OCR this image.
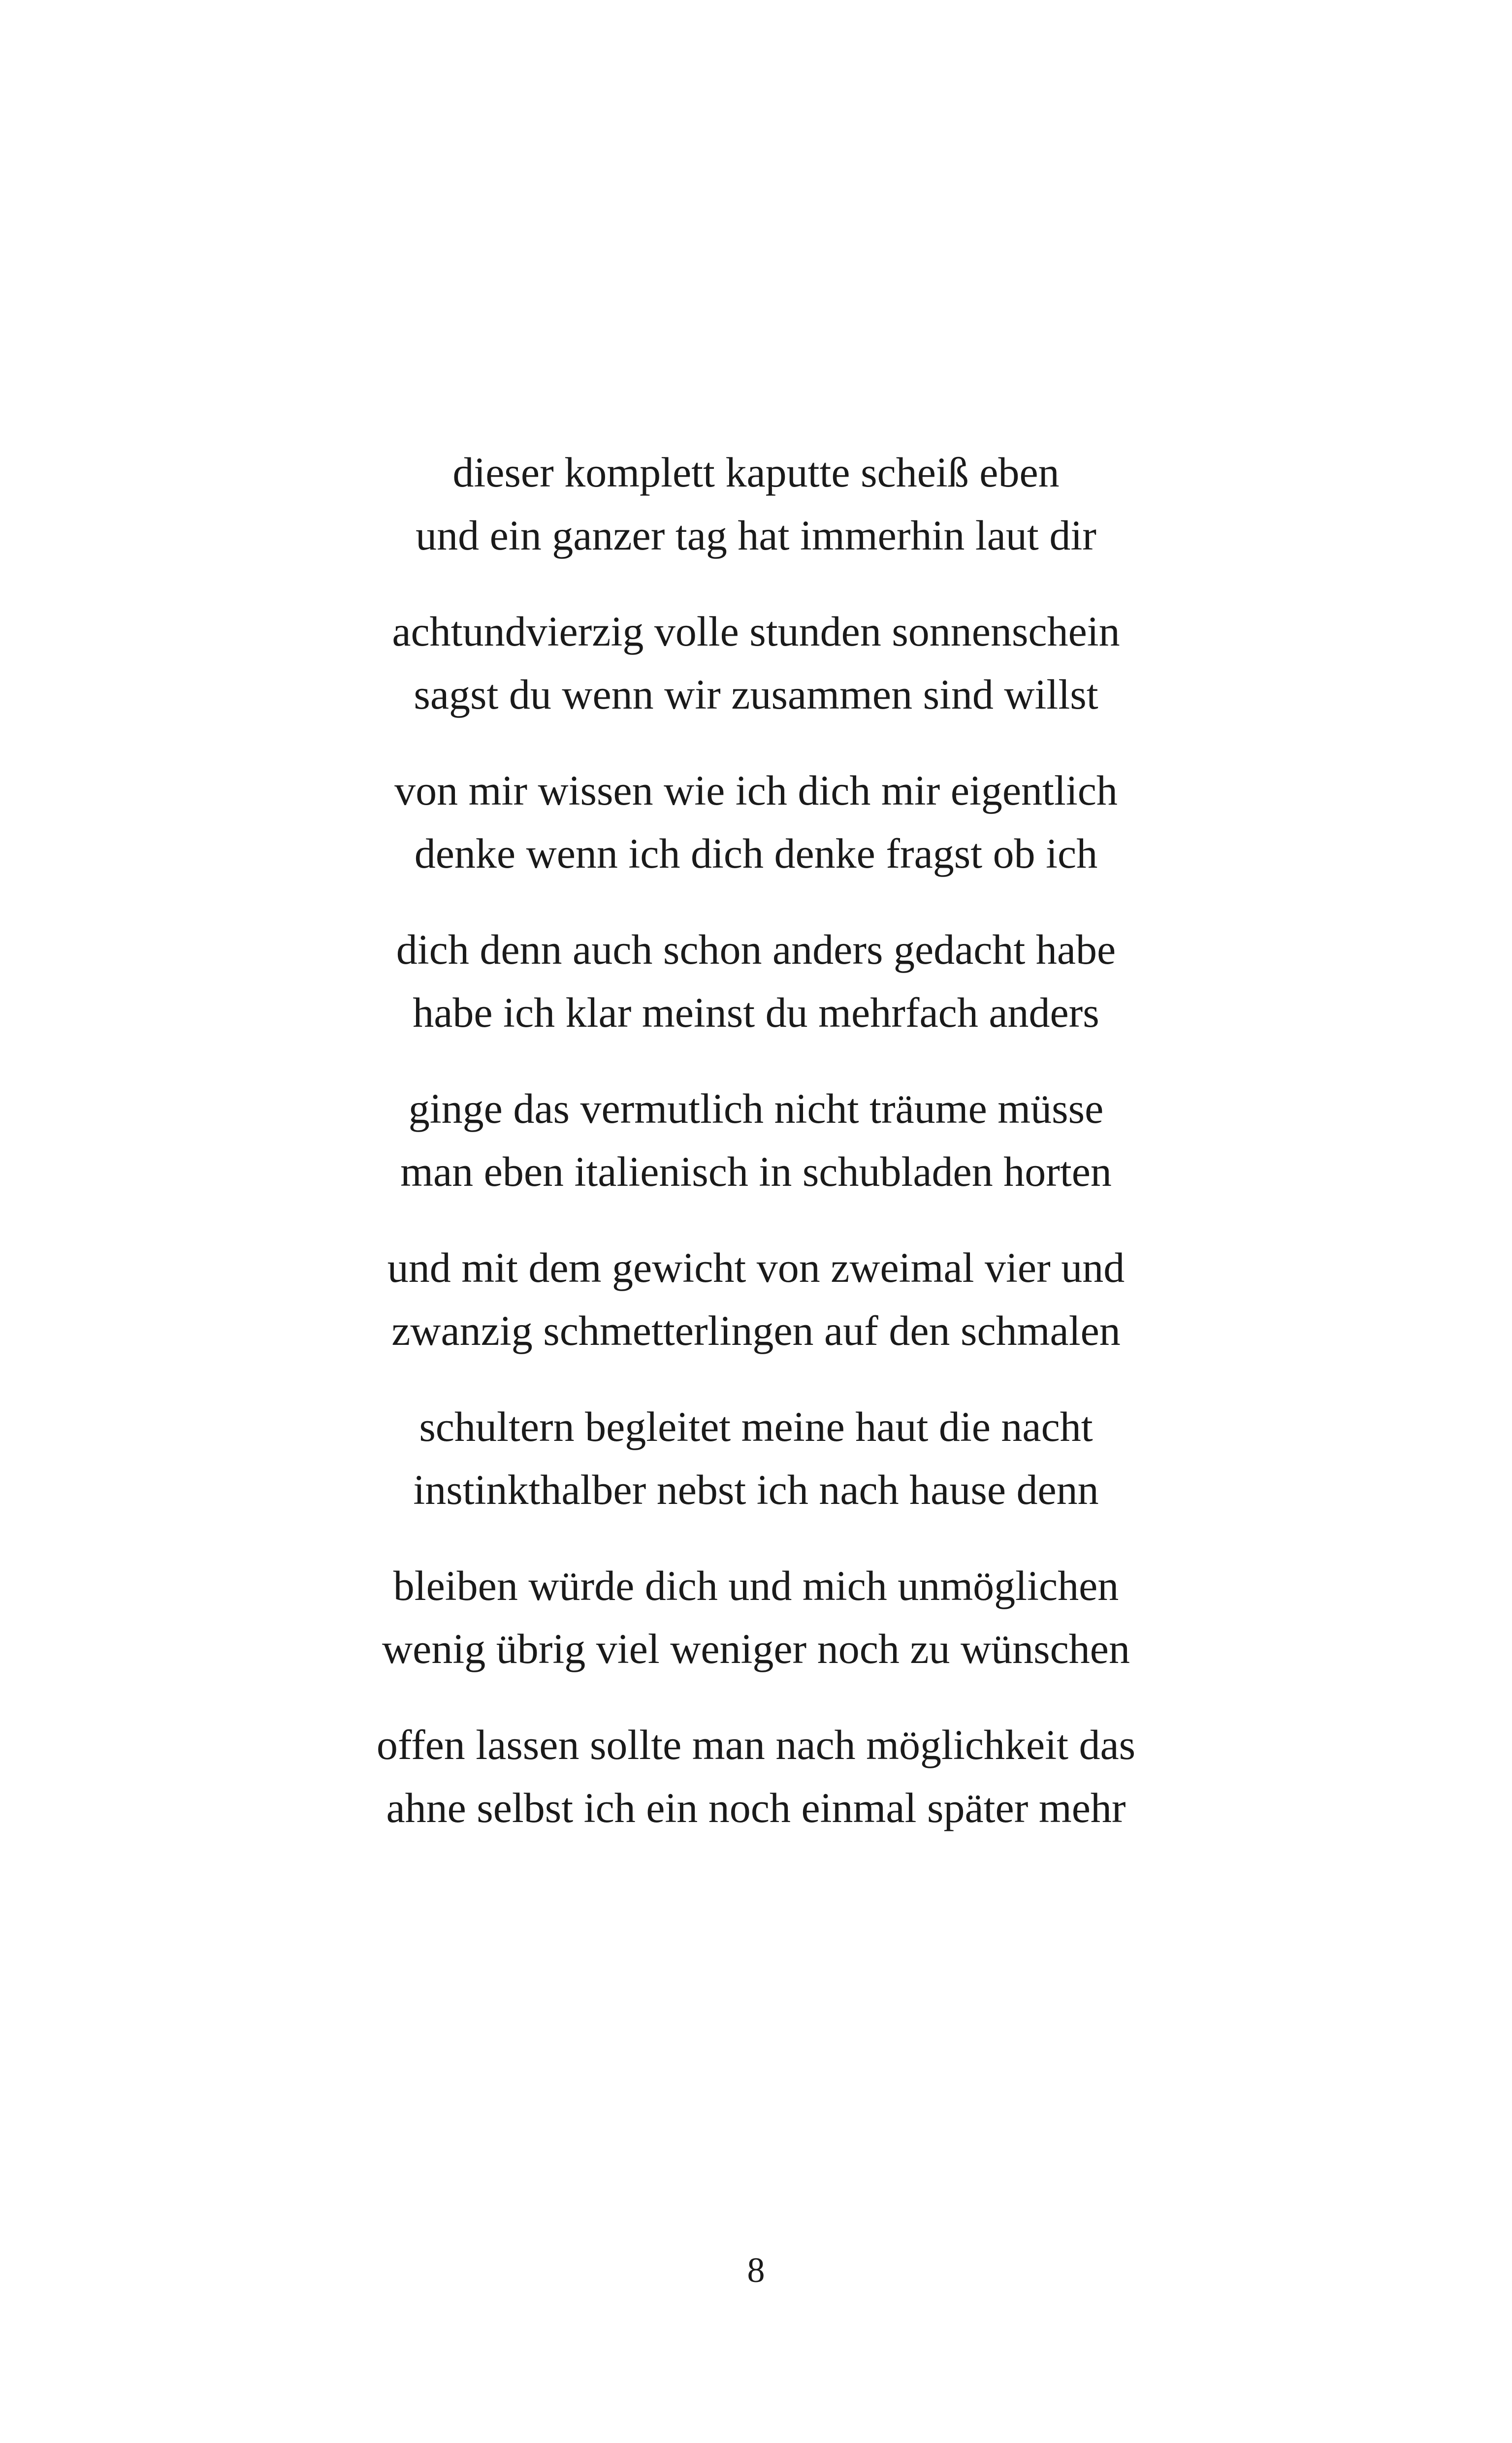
dieser komplett kaputte scheiß eben
und ein ganzer tag hat immerhin laut dir
achtundvierzig volle stunden sonnenschein
sagst du wenn wir zusammen sind willst
von mir wissen wie ich dich mir eigentlich
denke wenn ich dich denke fragst ob ich
dich denn auch schon anders gedacht habe
habe ich klar meinst du mehrfach anders
ginge das vermutlich nicht träume müsse
man eben italienisch in schubladen horten
und mit dem gewicht von zweimal vier und
zwanzig schmetterlingen auf den schmalen
schultern begleitet meine haut die nacht
instinkthalber nebst ich nach hause denn
bleiben würde dich und mich unmöglichen
wenig übrig viel weniger noch zu wünschen
offen lassen sollte man nach möglichkeit das
ahne selbst ich ein noch einmal später mehr
8
